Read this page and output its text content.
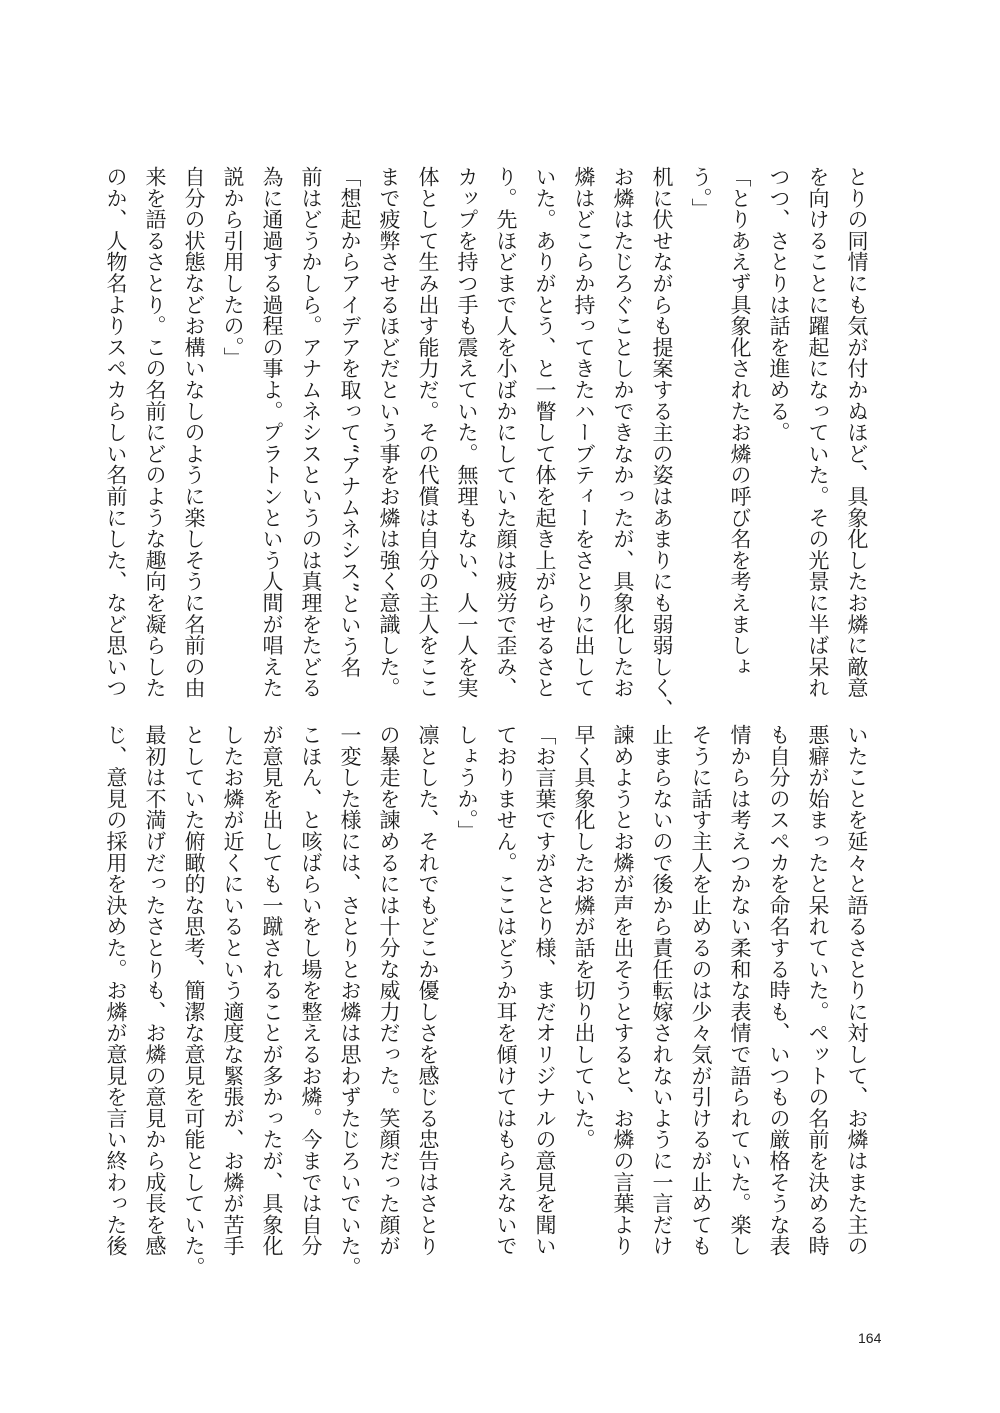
とりの同情にも気が付かぬほど、具象化したお燐に敵意
を向けることに躍起になっていた。その光景に半ば呆れ
つつ、さとりは話を進める。
「とりあえず具象化されたお燐の呼び名を考えましょ
う。」
机に伏せながらも提案する主の姿はあまりにも弱弱しく、
お燐はたじろぐことしかできなかったが、具象化したお
燐はどこらか持ってきたハーブティーをさとりに出して
いた。ありがとう、と一瞥して体を起き上がらせるさと
り。先ほどまで人を小ばかにしていた顔は疲労で歪み、
カップを持つ手も震えていた。無理もない、人一人を実
体として生み出す能力だ。その代償は自分の主人をここ
まで疲弊させるほどだという事をお燐は強く意識した。
「想起からアイデアを取って“アナムネシス”という名
前はどうかしら。アナムネシスというのは真理をたどる
為に通過する過程の事よ。プラトンという人間が唱えた
説から引用したの。」
自分の状態などお構いなしのように楽しそうに名前の由
来を語るさとり。この名前にどのような趣向を凝らした
のか、人物名よりスペカらしい名前にした、など思いつ
いたことを延々と語るさとりに対して、お燐はまた主の
悪癖が始まったと呆れていた。ペットの名前を決める時
も自分のスペカを命名する時も、いつもの厳格そうな表
情からは考えつかない柔和な表情で語られていた。楽し
そうに話す主人を止めるのは少々気が引けるが止めても
止まらないので後から責任転嫁されないように一言だけ
諫めようとお燐が声を出そうとすると、お燐の言葉より
早く具象化したお燐が話を切り出していた。
「お言葉ですがさとり様、まだオリジナルの意見を聞い
ておりません。ここはどうか耳を傾けてはもらえないで
しょうか。」
凛とした、それでもどこか優しさを感じる忠告はさとり
の暴走を諫めるには十分な威力だった。笑顔だった顔が
一変した様には、さとりとお燐は思わずたじろいでいた。
こほん、と咳ばらいをし場を整えるお燐。今までは自分
が意見を出しても一蹴されることが多かったが、具象化
したお燐が近くにいるという適度な緊張が、お燐が苦手
としていた俯瞰的な思考、簡潔な意見を可能としていた。
最初は不満げだったさとりも、お燐の意見から成長を感
じ、意見の採用を決めた。お燐が意見を言い終わった後
164
